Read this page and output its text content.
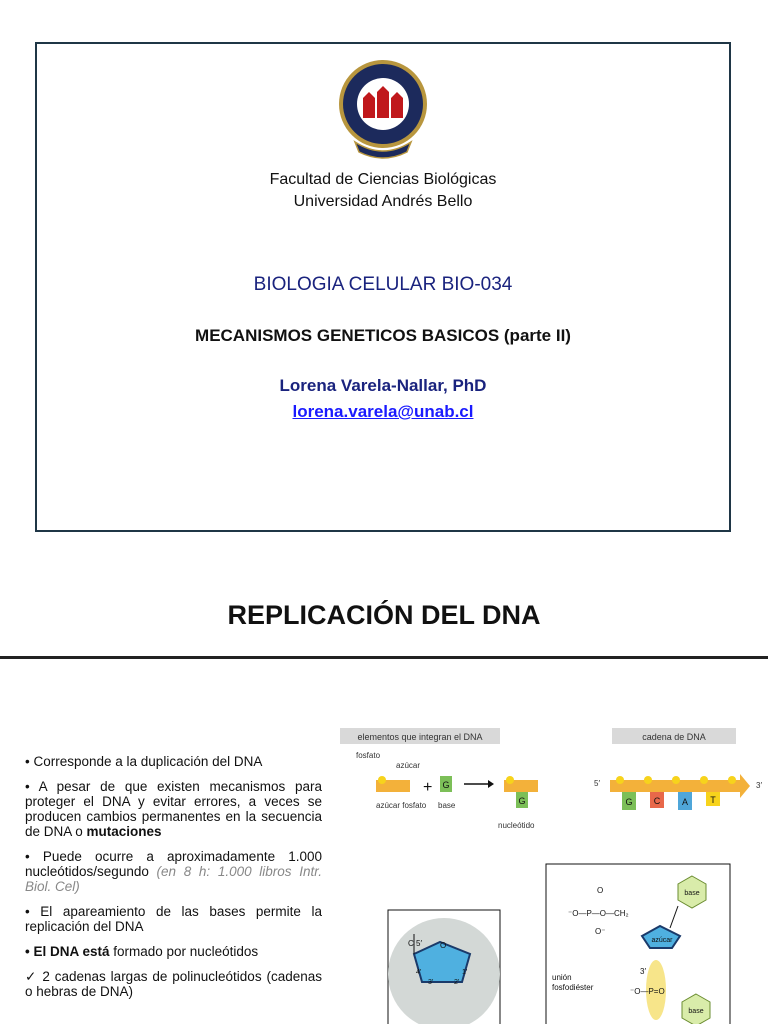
Facultad de Ciencias Biológicas
Universidad Andrés Bello
BIOLOGIA CELULAR BIO-034
MECANISMOS GENETICOS BASICOS (parte II)
Lorena Varela-Nallar, PhD
lorena.varela@unab.cl
REPLICACIÓN DEL DNA

• Corresponde a la duplicación del DNA

• A pesar de que existen mecanismos para proteger el DNA y evitar errores, a veces se producen cambios permanentes en la secuencia de DNA o mutaciones

• Puede ocurre a aproximadamente 1.000 nucleótidos/segundo (en 8 h: 1.000 libros Intr. Biol. Cel)

• El apareamiento de las bases permite la replicación del DNA

• El DNA está formado por nucleótidos

✓ 2 cadenas largas de polinucleótidos (cadenas o hebras de DNA)

elementos que integran el DNA	cadena de DNA
fosfato
azúcar
+ G
azúcar fosfato base	G
nucleótido
5′	3′
G C A T
C 5′ O
4′	1′
3′	2′
O
⁻O—P—O—CH₂
O⁻
base
azúcar
unión fosfodiéster
3′
⁻O—P=O
base
